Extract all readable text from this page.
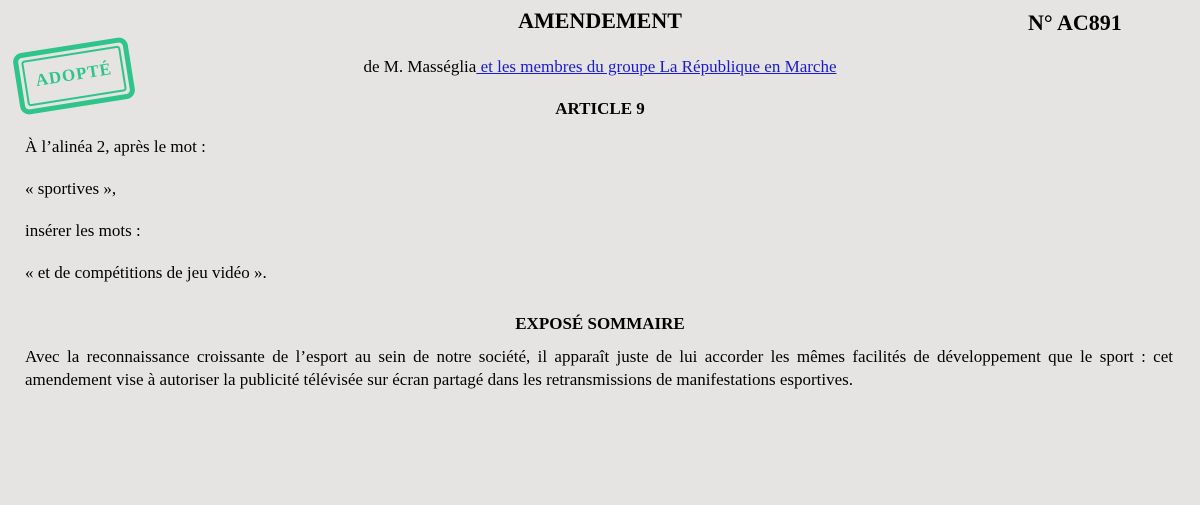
AMENDEMENT	N° AC891
ADOPTÉ	de M. Masséglia et les membres du groupe La République en Marche
ARTICLE 9

À l’alinéa 2, après le mot :

« sportives »,

insérer les mots :

« et de compétitions de jeu vidéo ».

EXPOSÉ SOMMAIRE

Avec la reconnaissance croissante de l’esport au sein de notre société, il apparaît juste de lui accorder les mêmes facilités de développement que le sport : cet amendement vise à autoriser la publicité télévisée sur écran partagé dans les retransmissions de manifestations esportives.
